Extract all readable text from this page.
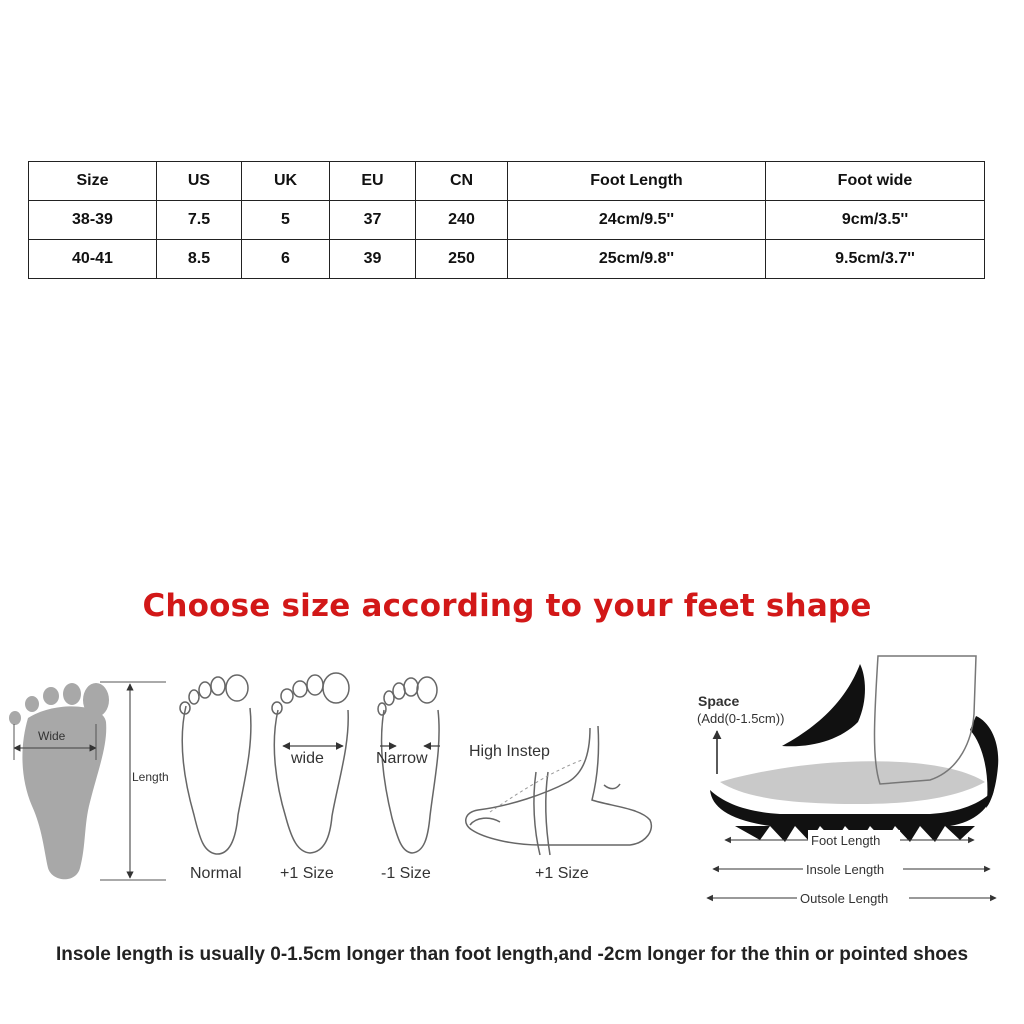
Size	US	UK	EU	CN	Foot Length	Foot wide
38-39	7.5	5	37	240	24cm/9.5''	9cm/3.5''
40-41	8.5	6	39	250	25cm/9.8''	9.5cm/3.7''
Choose size according to your feet shape
Wide
Length
Normal
wide
+1 Size
Narrow
-1 Size
High Instep
+1 Size
Space
(Add(0-1.5cm))
Foot Length
Insole Length
Outsole Length

Insole length is usually 0-1.5cm longer than foot length,and -2cm longer for the thin or pointed shoes
